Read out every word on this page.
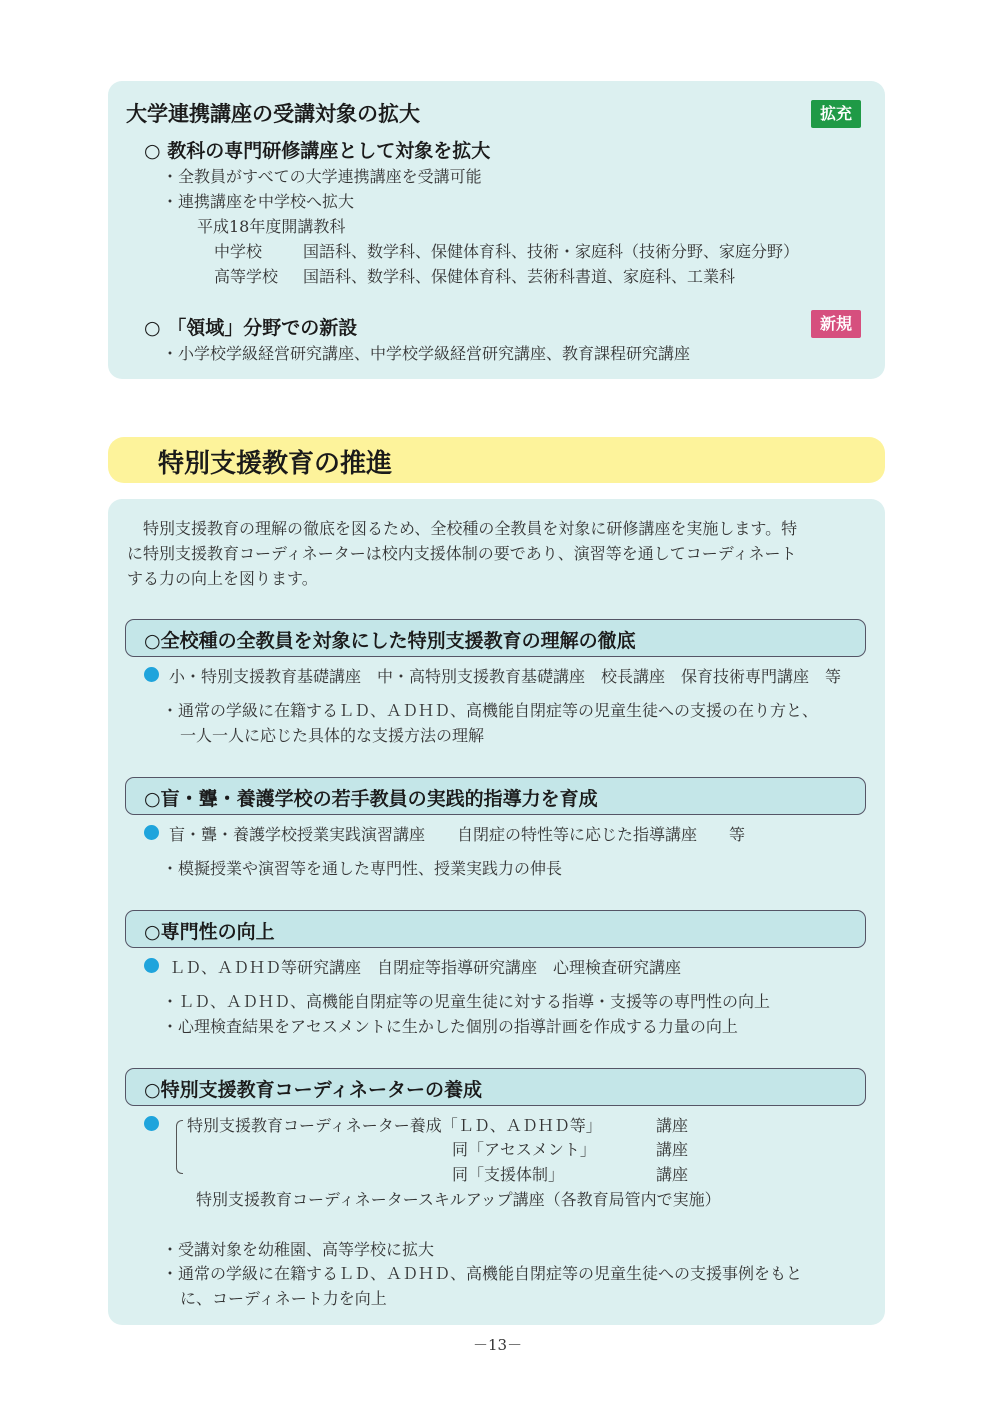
大学連携講座の受講対象の拡大	拡充
○ 教科の専門研修講座として対象を拡大
・全教員がすべての大学連携講座を受講可能
・連携講座を中学校へ拡大
平成18年度開講教科
中学校	国語科、数学科、保健体育科、技術・家庭科（技術分野、家庭分野）
高等学校 国語科、数学科、保健体育科、芸術科書道、家庭科、工業科
○ 「領域」分野での新設	新規
・小学校学級経営研究講座、中学校学級経営研究講座、教育課程研究講座
特別支援教育の推進
特別支援教育の理解の徹底を図るため、全校種の全教員を対象に研修講座を実施します。特
に特別支援教育コーディネーターは校内支援体制の要であり、演習等を通してコーディネート
する力の向上を図ります。
○全校種の全教員を対象にした特別支援教育の理解の徹底
小・特別支援教育基礎講座　中・高特別支援教育基礎講座　校長講座　保育技術専門講座　等
・通常の学級に在籍するＬＤ、ＡＤＨＤ、高機能自閉症等の児童生徒への支援の在り方と、
一人一人に応じた具体的な支援方法の理解
○盲・聾・養護学校の若手教員の実践的指導力を育成
盲・聾・養護学校授業実践演習講座　　自閉症の特性等に応じた指導講座　　等
・模擬授業や演習等を通した専門性、授業実践力の伸長
○専門性の向上
ＬＤ、ＡＤＨＤ等研究講座　自閉症等指導研究講座　心理検査研究講座
・ＬＤ、ＡＤＨＤ、高機能自閉症等の児童生徒に対する指導・支援等の専門性の向上
・心理検査結果をアセスメントに生かした個別の指導計画を作成する力量の向上
○特別支援教育コーディネーターの養成
特別支援教育コーディネーター養成「ＬＤ、ＡＤＨＤ等」	講座
同「アセスメント」	講座
同「支援体制」	講座
特別支援教育コーディネータースキルアップ講座（各教育局管内で実施）
・受講対象を幼稚園、高等学校に拡大
・通常の学級に在籍するＬＤ、ＡＤＨＤ、高機能自閉症等の児童生徒への支援事例をもと
に、コーディネート力を向上
－13－
